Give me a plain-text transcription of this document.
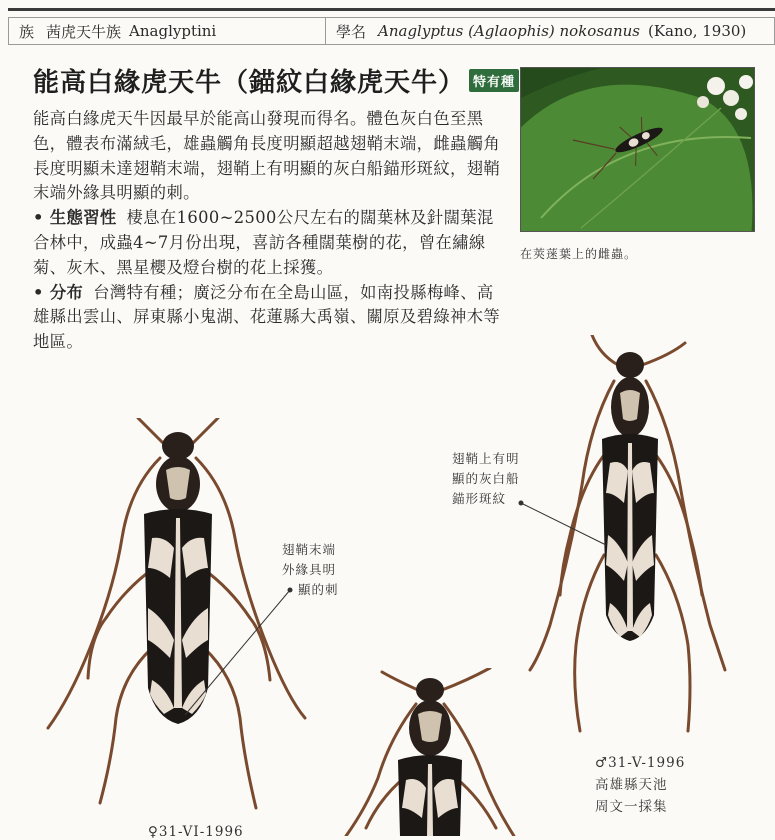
族 茜虎天牛族 Anaglyptini	學名 Anaglyptus (Aglaophis) nokosanus (Kano, 1930)
能高白緣虎天牛（錨紋白緣虎天牛） 特有種

能高白緣虎天牛因最早於能高山發現而得名。體色灰白色至黑色，體表布滿絨毛，雄蟲觸角長度明顯超越翅鞘末端，雌蟲觸角長度明顯未達翅鞘末端，翅鞘上有明顯的灰白船錨形斑紋，翅鞘末端外緣具明顯的刺。

• 生態習性 棲息在1600~2500公尺左右的闊葉林及針闊葉混合林中，成蟲4~7月份出現，喜訪各種闊葉樹的花，曾在繡線菊、灰木、黑星櫻及燈台樹的花上採獲。

• 分布 台灣特有種；廣泛分布在全島山區，如南投縣梅峰、高雄縣出雲山、屏東縣小鬼湖、花蓮縣大禹嶺、關原及碧綠神木等地區。

在莢蒾葉上的雌蟲。

翅鞘末端

外緣具明

顯的刺

翅鞘上有明

顯的灰白船

錨形斑紋

♂31-V-1996

高雄縣天池

周文一採集

♀31-VI-1996
